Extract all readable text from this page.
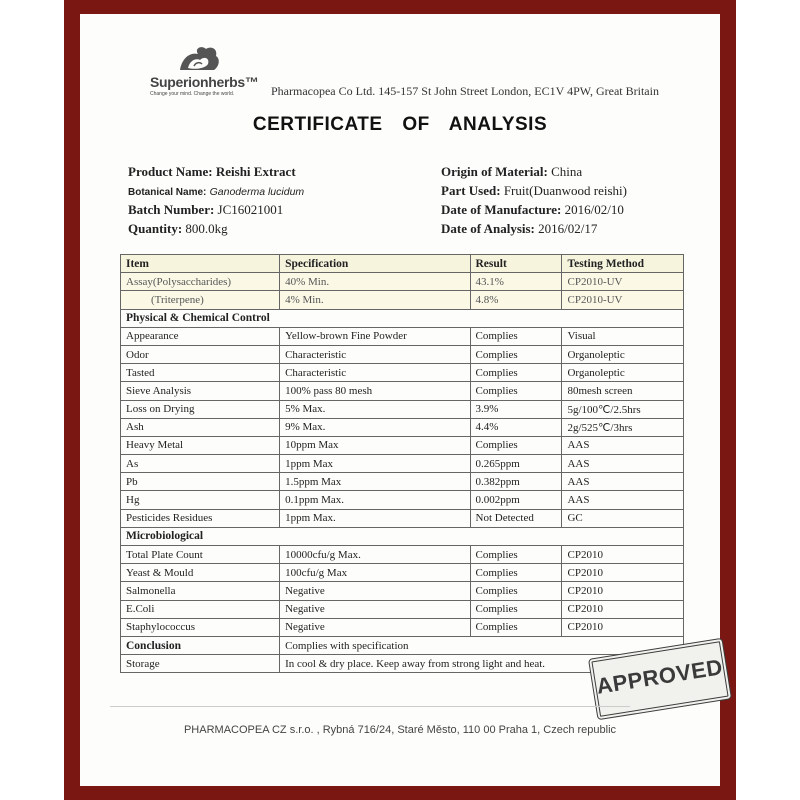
Superionherbs™
Change your mind. Change the world.	Pharmacopea Co Ltd. 145-157 St John Street London, EC1V 4PW, Great Britain
CERTIFICATE OF ANALYSIS
Product Name: Reishi Extract
Botanical Name: Ganoderma lucidum
Batch Number: JC16021001
Quantity: 800.0kg
Origin of Material: China
Part Used: Fruit(Duanwood reishi)
Date of Manufacture: 2016/02/10
Date of Analysis: 2016/02/17
Item	Specification	Result	Testing Method
Assay(Polysaccharides)	40% Min.	43.1%	CP2010-UV
(Triterpene)	4% Min.	4.8%	CP2010-UV
Physical & Chemical Control			
Appearance	Yellow-brown Fine Powder	Complies	Visual
Odor	Characteristic	Complies	Organoleptic
Tasted	Characteristic	Complies	Organoleptic
Sieve Analysis	100% pass 80 mesh	Complies	80mesh screen
Loss on Drying	5% Max.	3.9%	5g/100℃/2.5hrs
Ash	9% Max.	4.4%	2g/525℃/3hrs
Heavy Metal	10ppm Max	Complies	AAS
As	1ppm Max	0.265ppm	AAS
Pb	1.5ppm Max	0.382ppm	AAS
Hg	0.1ppm Max.	0.002ppm	AAS
Pesticides Residues	1ppm Max.	Not Detected	GC
Microbiological			
Total Plate Count	10000cfu/g Max.	Complies	CP2010
Yeast & Mould	100cfu/g Max	Complies	CP2010
Salmonella	Negative	Complies	CP2010
E.Coli	Negative	Complies	CP2010
Staphylococcus	Negative	Complies	CP2010
Conclusion	Complies with specification		
Storage	In cool & dry place. Keep away from strong light and heat.			APPROVED
PHARMACOPEA CZ s.r.o. , Rybná 716/24, Staré Město, 110 00 Praha 1, Czech republic
